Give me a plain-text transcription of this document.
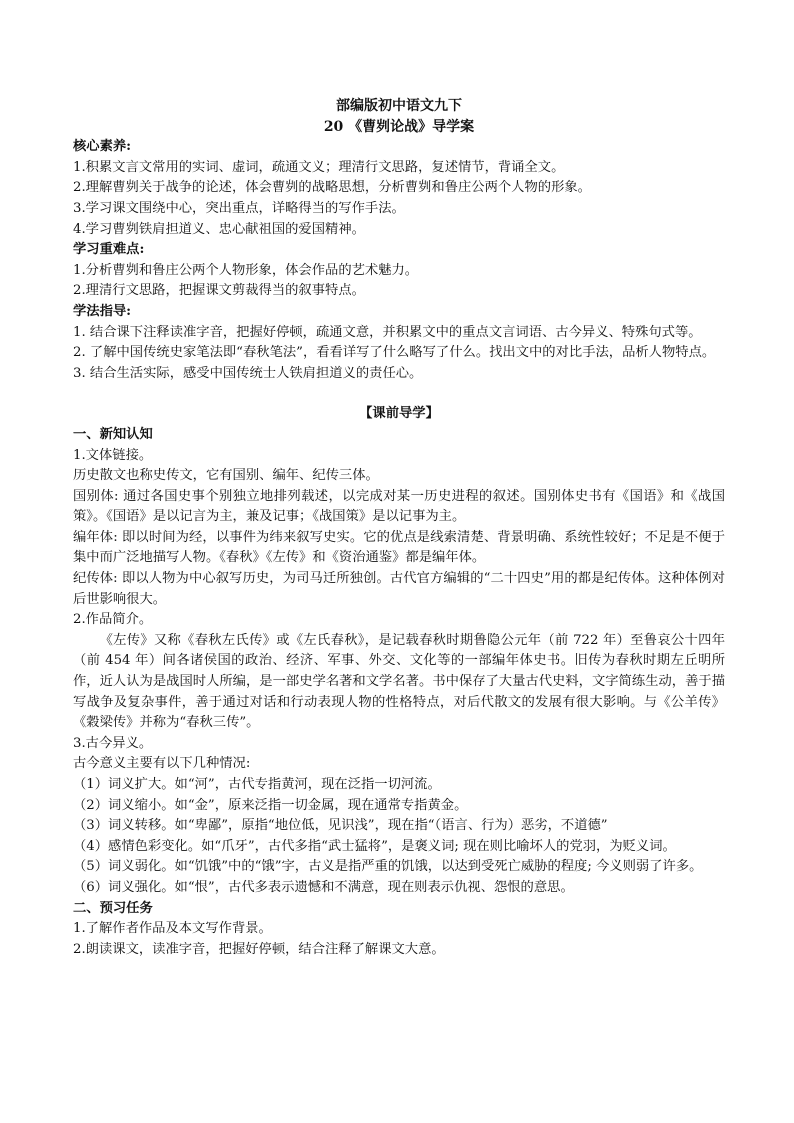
部编版初中语文九下
20 《曹刿论战》导学案
核心素养:
1.积累文言文常用的实词、虚词，疏通文义；理清行文思路，复述情节，背诵全文。
2.理解曹刿关于战争的论述，体会曹刿的战略思想，分析曹刿和鲁庄公两个人物的形象。
3.学习课文围绕中心，突出重点，详略得当的写作手法。
4.学习曹刿铁肩担道义、忠心献祖国的爱国精神。
学习重难点:
1.分析曹刿和鲁庄公两个人物形象，体会作品的艺术魅力。
2.理清行文思路，把握课文剪裁得当的叙事特点。
学法指导:
1. 结合课下注释读准字音，把握好停顿，疏通文意，并积累文中的重点文言词语、古今异义、特殊句式等。
2. 了解中国传统史家笔法即“春秋笔法”，看看详写了什么略写了什么。找出文中的对比手法，品析人物特点。
3. 结合生活实际，感受中国传统士人铁肩担道义的责任心。
【课前导学】
一、新知认知
1.文体链接。
历史散文也称史传文，它有国别、编年、纪传三体。
国别体: 通过各国史事个别独立地排列载述，以完成对某一历史进程的叙述。国别体史书有《国语》和《战国策》。《国语》是以记言为主，兼及记事；《战国策》是以记事为主。
编年体: 即以时间为经，以事件为纬来叙写史实。它的优点是线索清楚、背景明确、系统性较好；不足是不便于集中而广泛地描写人物。《春秋》《左传》和《资治通鉴》都是编年体。
纪传体: 即以人物为中心叙写历史，为司马迁所独创。古代官方编辑的“二十四史”用的都是纪传体。这种体例对后世影响很大。
2.作品简介。
《左传》又称《春秋左氏传》或《左氏春秋》，是记载春秋时期鲁隐公元年（前 722 年）至鲁哀公十四年（前 454 年）间各诸侯国的政治、经济、军事、外交、文化等的一部编年体史书。旧传为春秋时期左丘明所作，近人认为是战国时人所编，是一部史学名著和文学名著。书中保存了大量古代史料，文字简练生动，善于描写战争及复杂事件，善于通过对话和行动表现人物的性格特点，对后代散文的发展有很大影响。与《公羊传》《穀梁传》并称为“春秋三传”。
3.古今异义。
古今意义主要有以下几种情况:
（1）词义扩大。如“河”，古代专指黄河，现在泛指一切河流。
（2）词义缩小。如“金”，原来泛指一切金属，现在通常专指黄金。
（3）词义转移。如“卑鄙”，原指“地位低，见识浅”，现在指“（语言、行为）恶劣，不道德”
（4）感情色彩变化。如“爪牙”，古代多指“武士猛将”，是褒义词; 现在则比喻坏人的党羽，为贬义词。
（5）词义弱化。如“饥饿”中的“饿”字，古义是指严重的饥饿，以达到受死亡威胁的程度; 今义则弱了许多。
（6）词义强化。如“恨”，古代多表示遗憾和不满意，现在则表示仇视、怨恨的意思。
二、预习任务
1.了解作者作品及本文写作背景。
2.朗读课文，读准字音，把握好停顿，结合注释了解课文大意。
